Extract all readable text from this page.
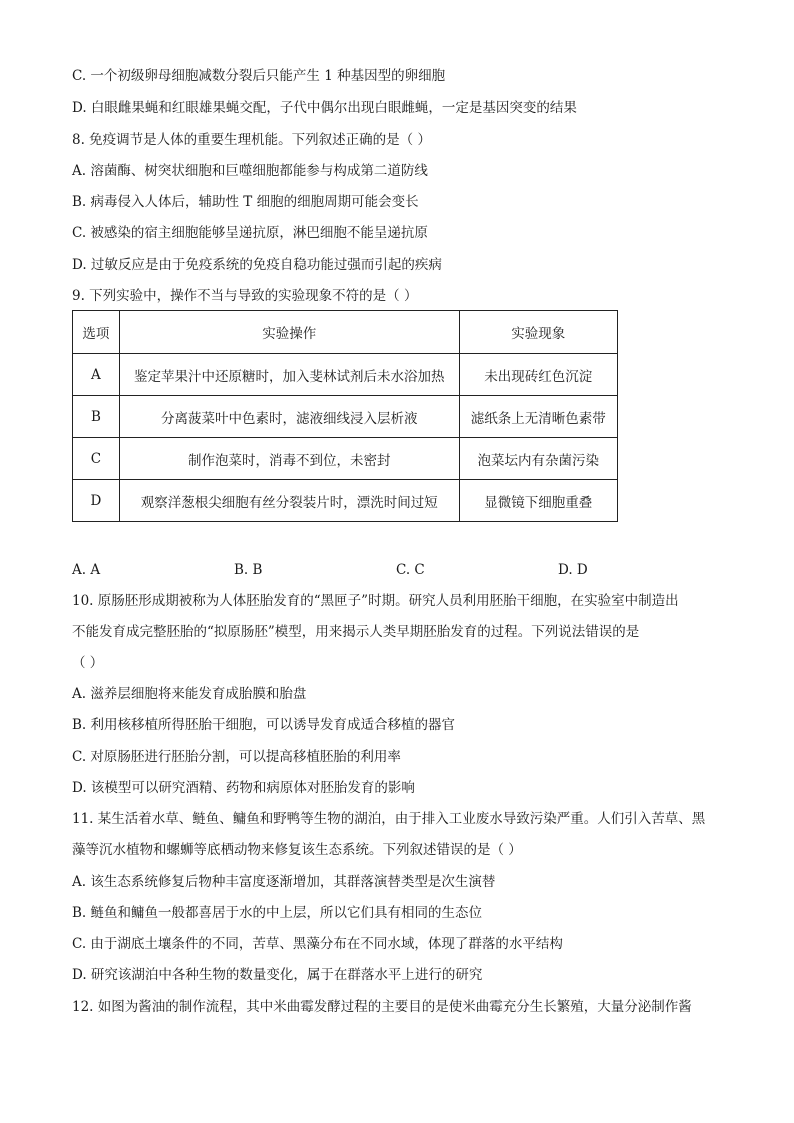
C. 一个初级卵母细胞减数分裂后只能产生 1 种基因型的卵细胞
D. 白眼雌果蝇和红眼雄果蝇交配，子代中偶尔出现白眼雌蝇，一定是基因突变的结果
8. 免疫调节是人体的重要生理机能。下列叙述正确的是（ ）
A. 溶菌酶、树突状细胞和巨噬细胞都能参与构成第二道防线
B. 病毒侵入人体后，辅助性 T 细胞的细胞周期可能会变长
C. 被感染的宿主细胞能够呈递抗原，淋巴细胞不能呈递抗原
D. 过敏反应是由于免疫系统的免疫自稳功能过强而引起的疾病
9. 下列实验中，操作不当与导致的实验现象不符的是（ ）
选项	实验操作	实验现象
A	鉴定苹果汁中还原糖时，加入斐林试剂后未水浴加热	未出现砖红色沉淀
B	分离菠菜叶中色素时，滤液细线浸入层析液	滤纸条上无清晰色素带
C	制作泡菜时，消毒不到位，未密封	泡菜坛内有杂菌污染
D	观察洋葱根尖细胞有丝分裂装片时，漂洗时间过短	显微镜下细胞重叠
A. A	B. B	C. C	D. D
10. 原肠胚形成期被称为人体胚胎发育的“黑匣子”时期。研究人员利用胚胎干细胞，在实验室中制造出
不能发育成完整胚胎的“拟原肠胚”模型，用来揭示人类早期胚胎发育的过程。下列说法错误的是
（ ）
A. 滋养层细胞将来能发育成胎膜和胎盘
B. 利用核移植所得胚胎干细胞，可以诱导发育成适合移植的器官
C. 对原肠胚进行胚胎分割，可以提高移植胚胎的利用率
D. 该模型可以研究酒精、药物和病原体对胚胎发育的影响
11. 某生活着水草、鲢鱼、鳙鱼和野鸭等生物的湖泊，由于排入工业废水导致污染严重。人们引入苦草、黑
藻等沉水植物和螺蛳等底栖动物来修复该生态系统。下列叙述错误的是（ ）
A. 该生态系统修复后物种丰富度逐渐增加，其群落演替类型是次生演替
B. 鲢鱼和鳙鱼一般都喜居于水的中上层，所以它们具有相同的生态位
C. 由于湖底土壤条件的不同，苦草、黑藻分布在不同水域，体现了群落的水平结构
D. 研究该湖泊中各种生物的数量变化，属于在群落水平上进行的研究
12. 如图为酱油的制作流程，其中米曲霉发酵过程的主要目的是使米曲霉充分生长繁殖，大量分泌制作酱
